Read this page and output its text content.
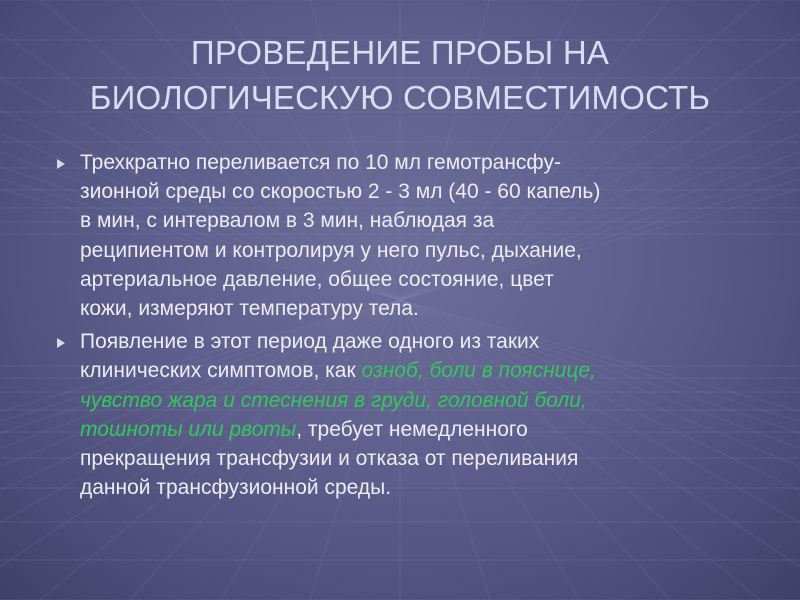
ПРОВЕДЕНИЕ ПРОБЫ НА
БИОЛОГИЧЕСКУЮ СОВМЕСТИМОСТЬ
Трехкратно переливается по 10 мл гемотрансфу-
зионной среды со скоростью 2 - 3 мл (40 - 60 капель)
в мин, с интервалом в 3 мин, наблюдая за
реципиентом и контролируя у него пульс, дыхание,
артериальное давление, общее состояние, цвет
кожи, измеряют температуру тела.
Появление в этот период даже одного из таких
клинических симптомов, как озноб, боли в пояснице,
чувство жара и стеснения в груди, головной боли,
тошноты или рвоты, требует немедленного
прекращения трансфузии и отказа от переливания
данной трансфузионной среды.
